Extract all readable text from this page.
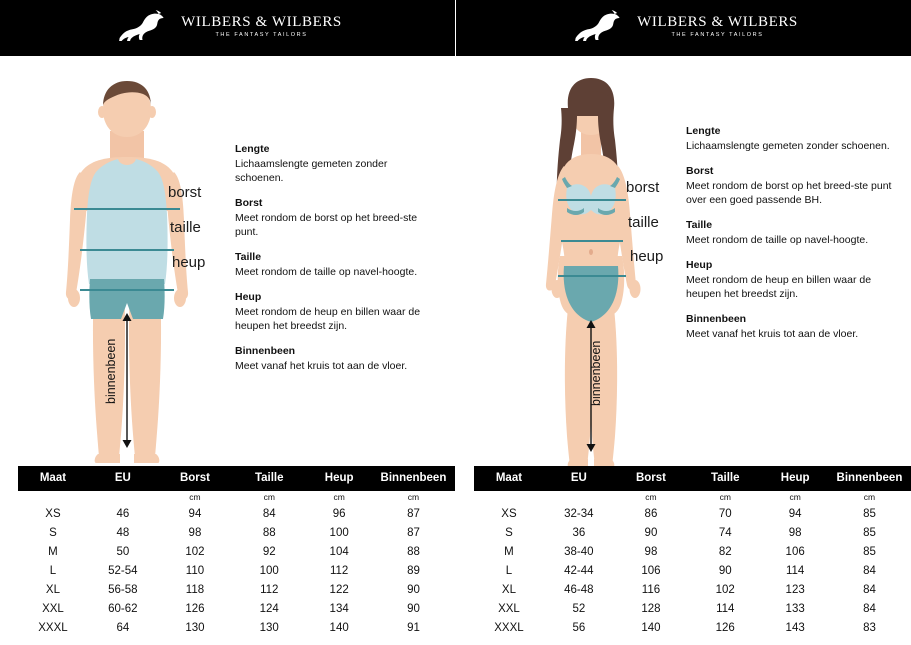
WILBERS & WILBERS
THE FANTASY TAILORS
WILBERS & WILBERS
THE FANTASY TAILORS
borst
taille
heup
binnenbeen
Lengte

Lichaamslengte gemeten zonder schoenen.

Borst

Meet rondom de borst op het breed-ste punt.

Taille

Meet rondom de taille op navel-hoogte.

Heup

Meet rondom de heup en billen waar de heupen het breedst zijn.

Binnenbeen

Meet vanaf het kruis tot aan de vloer.

Maat	EU	Borst	Taille	Heup	Binnenbeen
		cm	cm	cm	cm
XS	46	94	84	96	87
S	48	98	88	100	87
M	50	102	92	104	88
L	52-54	110	100	112	89
XL	56-58	118	112	122	90
XXL	60-62	126	124	134	90
XXXL	64	130	130	140	91
borst
taille
heup
binnenbeen
Lengte

Lichaamslengte gemeten zonder schoenen.

Borst

Meet rondom de borst op het breed-ste punt over een goed passende BH.

Taille

Meet rondom de taille op navel-hoogte.

Heup

Meet rondom de heup en billen waar de heupen het breedst zijn.

Binnenbeen

Meet vanaf het kruis tot aan de vloer.

Maat	EU	Borst	Taille	Heup	Binnenbeen
		cm	cm	cm	cm
XS	32-34	86	70	94	85
S	36	90	74	98	85
M	38-40	98	82	106	85
L	42-44	106	90	114	84
XL	46-48	116	102	123	84
XXL	52	128	114	133	84
XXXL	56	140	126	143	83
